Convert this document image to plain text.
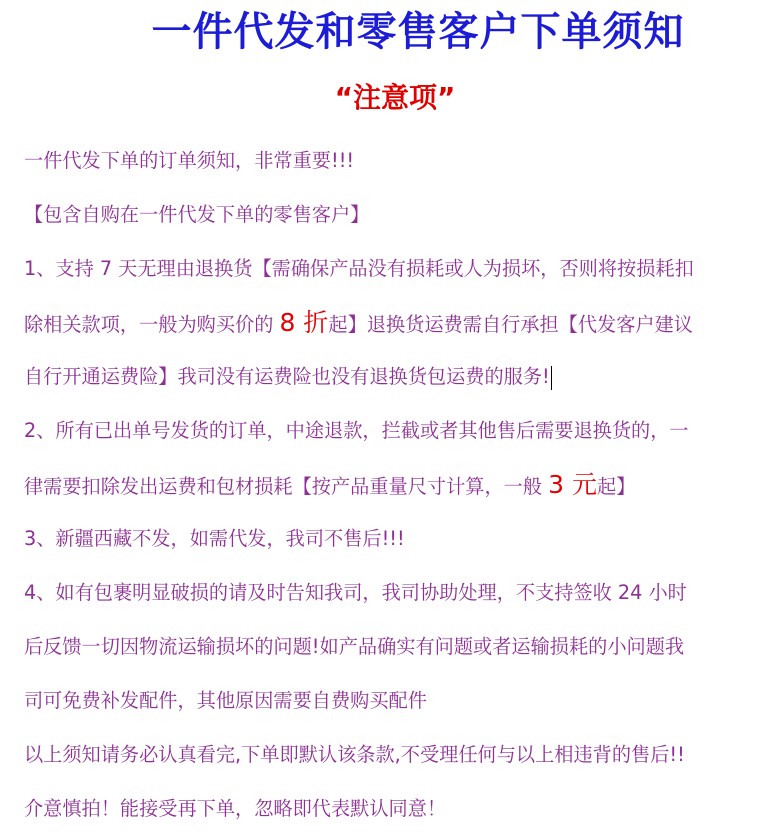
一件代发和零售客户下单须知
“注意项”
一件代发下单的订单须知，非常重要!!!
【包含自购在一件代发下单的零售客户】
1、支持 7 天无理由退换货【需确保产品没有损耗或人为损坏，否则将按损耗扣
除相关款项，一般为购买价的 8 折起】退换货运费需自行承担【代发客户建议
自行开通运费险】我司没有运费险也没有退换货包运费的服务!
2、所有已出单号发货的订单，中途退款，拦截或者其他售后需要退换货的，一
律需要扣除发出运费和包材损耗【按产品重量尺寸计算，一般 3 元起】
3、新疆西藏不发，如需代发，我司不售后!!!
4、如有包裹明显破损的请及时告知我司，我司协助处理，不支持签收 24 小时
后反馈一切因物流运输损坏的问题!如产品确实有问题或者运输损耗的小问题我
司可免费补发配件，其他原因需要自费购买配件
以上须知请务必认真看完,下单即默认该条款,不受理任何与以上相违背的售后!!
介意慎拍！能接受再下单，忽略即代表默认同意！
